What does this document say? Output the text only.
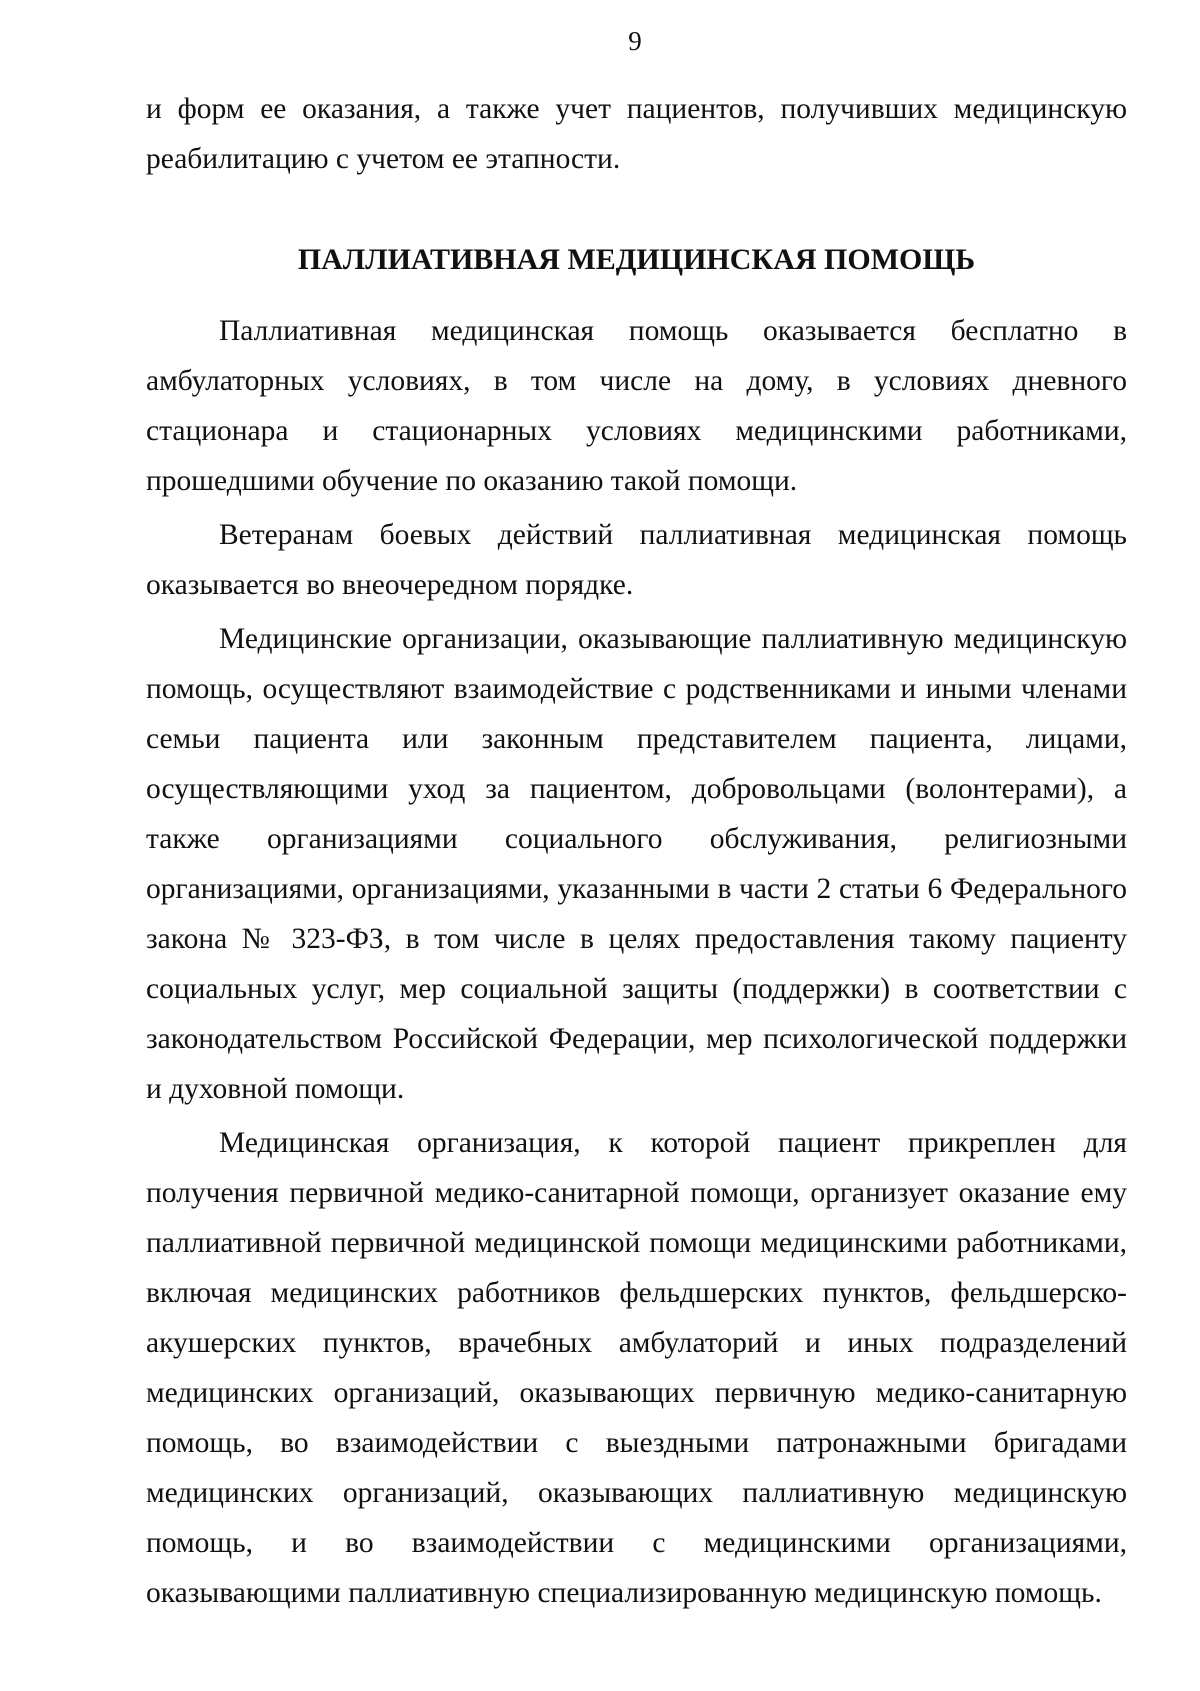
9

и форм ее оказания, а также учет пациентов, получивших медицинскую реабилитацию с учетом ее этапности.

ПАЛЛИАТИВНАЯ МЕДИЦИНСКАЯ ПОМОЩЬ

Паллиативная медицинская помощь оказывается бесплатно в амбулаторных условиях, в том числе на дому, в условиях дневного стационара и стационарных условиях медицинскими работниками, прошедшими обучение по оказанию такой помощи.

Ветеранам боевых действий паллиативная медицинская помощь оказывается во внеочередном порядке.

Медицинские организации, оказывающие паллиативную медицинскую помощь, осуществляют взаимодействие с родственниками и иными членами семьи пациента или законным представителем пациента, лицами, осуществляющими уход за пациентом, добровольцами (волонтерами), а также организациями социального обслуживания, религиозными организациями, организациями, указанными в части 2 статьи 6 Федерального закона № 323-ФЗ, в том числе в целях предоставления такому пациенту социальных услуг, мер социальной защиты (поддержки) в соответствии с законодательством Российской Федерации, мер психологической поддержки и духовной помощи.

Медицинская организация, к которой пациент прикреплен для получения первичной медико-санитарной помощи, организует оказание ему паллиативной первичной медицинской помощи медицинскими работниками, включая медицинских работников фельдшерских пунктов, фельдшерско-акушерских пунктов, врачебных амбулаторий и иных подразделений медицинских организаций, оказывающих первичную медико-санитарную помощь, во взаимодействии с выездными патронажными бригадами медицинских организаций, оказывающих паллиативную медицинскую помощь, и во взаимодействии с медицинскими организациями, оказывающими паллиативную специализированную медицинскую помощь.
